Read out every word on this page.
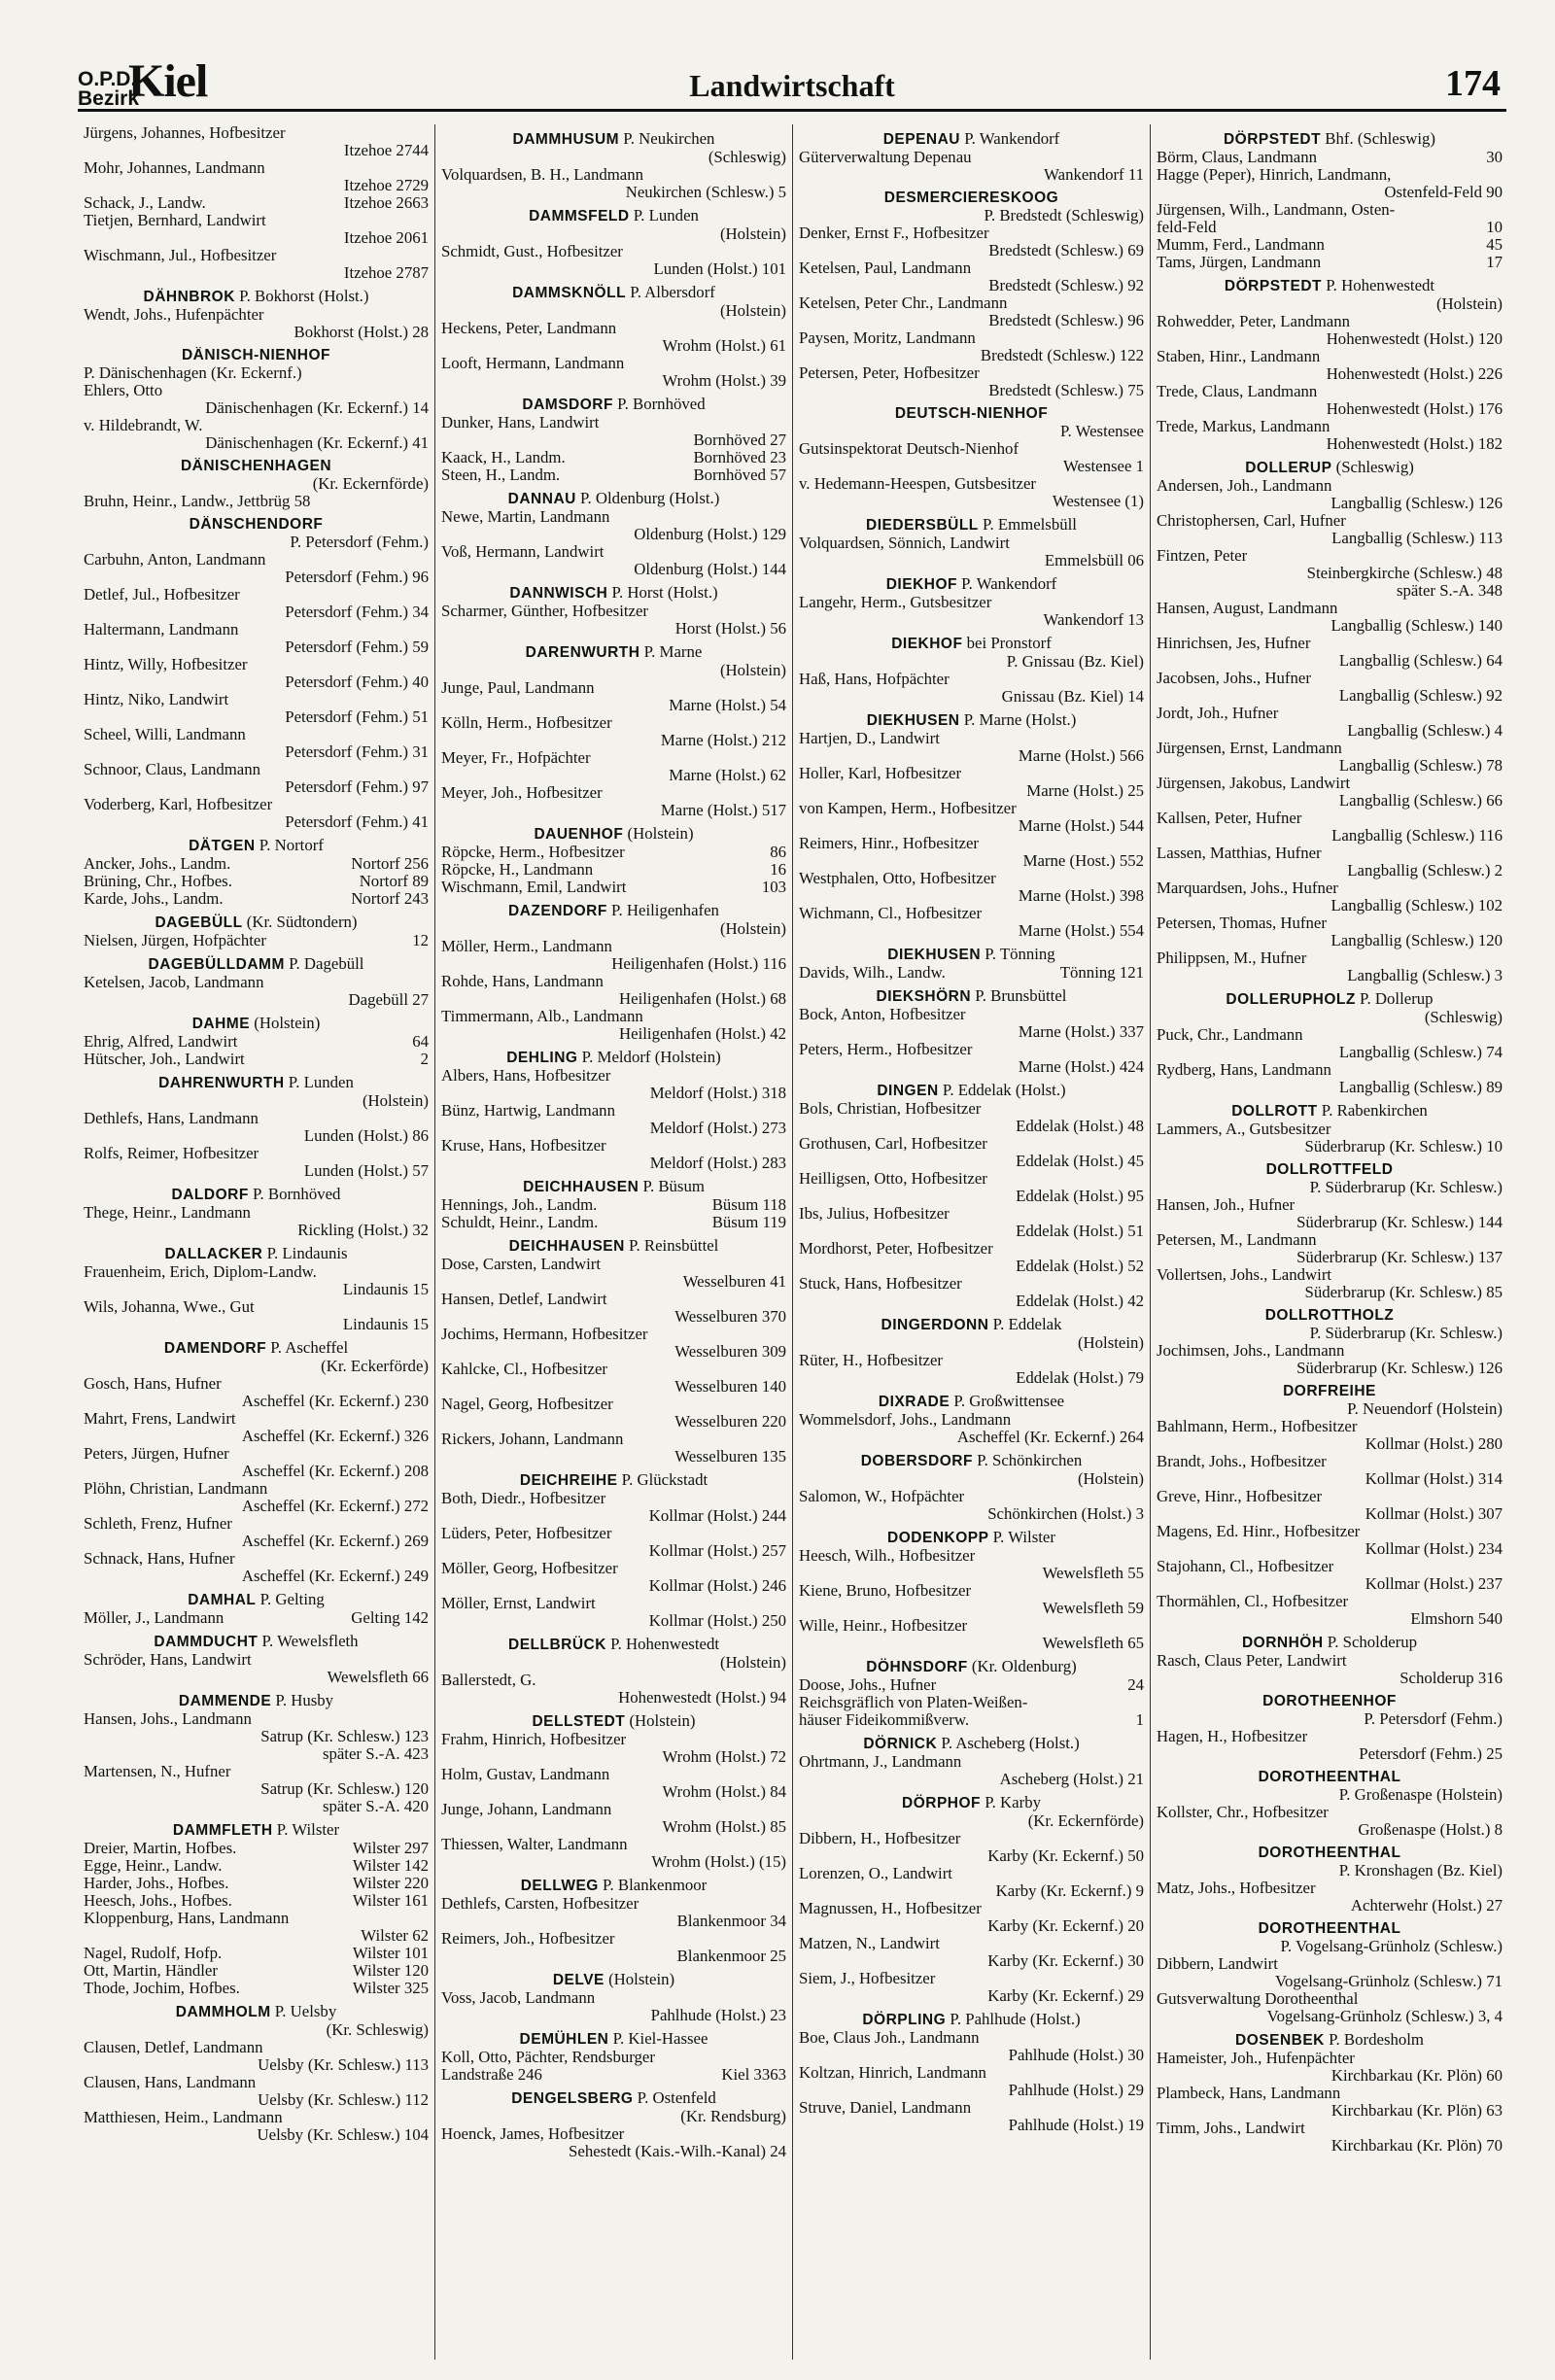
O.P.D.
Bezirk
Kiel	Landwirtschaft	174
Jürgens, Johannes, Hofbesitzer
Itzehoe 2744
Mohr, Johannes, Landmann
Itzehoe 2729
Itzehoe 2663
Schack, J., Landw.
Tietjen, Bernhard, Landwirt
Itzehoe 2061
Wischmann, Jul., Hofbesitzer
Itzehoe 2787
DÄHNBROK P. Bokhorst (Holst.)
Wendt, Johs., Hufenpächter
Bokhorst (Holst.) 28
DÄNISCH-NIENHOF
P. Dänischenhagen (Kr. Eckernf.)
Ehlers, Otto
Dänischenhagen (Kr. Eckernf.) 14
v. Hildebrandt, W.
Dänischenhagen (Kr. Eckernf.) 41
DÄNISCHENHAGEN
(Kr. Eckernförde)
Bruhn, Heinr., Landw., Jettbrüg 58
DÄNSCHENDORF
P. Petersdorf (Fehm.)
Carbuhn, Anton, Landmann
Petersdorf (Fehm.) 96
Detlef, Jul., Hofbesitzer
Petersdorf (Fehm.) 34
Haltermann, Landmann
Petersdorf (Fehm.) 59
Hintz, Willy, Hofbesitzer
Petersdorf (Fehm.) 40
Hintz, Niko, Landwirt
Petersdorf (Fehm.) 51
Scheel, Willi, Landmann
Petersdorf (Fehm.) 31
Schnoor, Claus, Landmann
Petersdorf (Fehm.) 97
Voderberg, Karl, Hofbesitzer
Petersdorf (Fehm.) 41
DÄTGEN P. Nortorf
Nortorf 256
Ancker, Johs., Landm.
Nortorf 89
Brüning, Chr., Hofbes.
Nortorf 243
Karde, Johs., Landm.
DAGEBÜLL (Kr. Südtondern)
12
Nielsen, Jürgen, Hofpächter
DAGEBÜLLDAMM P. Dagebüll
Ketelsen, Jacob, Landmann
Dagebüll 27
DAHME (Holstein)
64
Ehrig, Alfred, Landwirt
2
Hütscher, Joh., Landwirt
DAHRENWURTH P. Lunden
(Holstein)
Dethlefs, Hans, Landmann
Lunden (Holst.) 86
Rolfs, Reimer, Hofbesitzer
Lunden (Holst.) 57
DALDORF P. Bornhöved
Thege, Heinr., Landmann
Rickling (Holst.) 32
DALLACKER P. Lindaunis
Frauenheim, Erich, Diplom-Landw.
Lindaunis 15
Wils, Johanna, Wwe., Gut
Lindaunis 15
DAMENDORF P. Ascheffel
(Kr. Eckerförde)
Gosch, Hans, Hufner
Ascheffel (Kr. Eckernf.) 230
Mahrt, Frens, Landwirt
Ascheffel (Kr. Eckernf.) 326
Peters, Jürgen, Hufner
Ascheffel (Kr. Eckernf.) 208
Plöhn, Christian, Landmann
Ascheffel (Kr. Eckernf.) 272
Schleth, Frenz, Hufner
Ascheffel (Kr. Eckernf.) 269
Schnack, Hans, Hufner
Ascheffel (Kr. Eckernf.) 249
DAMHAL P. Gelting
Gelting 142
Möller, J., Landmann
DAMMDUCHT P. Wewelsfleth
Schröder, Hans, Landwirt
Wewelsfleth 66
DAMMENDE P. Husby
Hansen, Johs., Landmann
Satrup (Kr. Schlesw.) 123
später S.-A. 423
Martensen, N., Hufner
Satrup (Kr. Schlesw.) 120
später S.-A. 420
DAMMFLETH P. Wilster
Wilster 297
Dreier, Martin, Hofbes.
Wilster 142
Egge, Heinr., Landw.
Wilster 220
Harder, Johs., Hofbes.
Wilster 161
Heesch, Johs., Hofbes.
Kloppenburg, Hans, Landmann
Wilster 62
Wilster 101
Nagel, Rudolf, Hofp.
Wilster 120
Ott, Martin, Händler
Wilster 325
Thode, Jochim, Hofbes.
DAMMHOLM P. Uelsby
(Kr. Schleswig)
Clausen, Detlef, Landmann
Uelsby (Kr. Schlesw.) 113
Clausen, Hans, Landmann
Uelsby (Kr. Schlesw.) 112
Matthiesen, Heim., Landmann
Uelsby (Kr. Schlesw.) 104
DAMMHUSUM P. Neukirchen
(Schleswig)
Volquardsen, B. H., Landmann
Neukirchen (Schlesw.) 5
DAMMSFELD P. Lunden
(Holstein)
Schmidt, Gust., Hofbesitzer
Lunden (Holst.) 101
DAMMSKNÖLL P. Albersdorf
(Holstein)
Heckens, Peter, Landmann
Wrohm (Holst.) 61
Looft, Hermann, Landmann
Wrohm (Holst.) 39
DAMSDORF P. Bornhöved
Dunker, Hans, Landwirt
Bornhöved 27
Bornhöved 23
Kaack, H., Landm.
Bornhöved 57
Steen, H., Landm.
DANNAU P. Oldenburg (Holst.)
Newe, Martin, Landmann
Oldenburg (Holst.) 129
Voß, Hermann, Landwirt
Oldenburg (Holst.) 144
DANNWISCH P. Horst (Holst.)
Scharmer, Günther, Hofbesitzer
Horst (Holst.) 56
DARENWURTH P. Marne
(Holstein)
Junge, Paul, Landmann
Marne (Holst.) 54
Kölln, Herm., Hofbesitzer
Marne (Holst.) 212
Meyer, Fr., Hofpächter
Marne (Holst.) 62
Meyer, Joh., Hofbesitzer
Marne (Holst.) 517
DAUENHOF (Holstein)
86
Röpcke, Herm., Hofbesitzer
16
Röpcke, H., Landmann
103
Wischmann, Emil, Landwirt
DAZENDORF P. Heiligenhafen
(Holstein)
Möller, Herm., Landmann
Heiligenhafen (Holst.) 116
Rohde, Hans, Landmann
Heiligenhafen (Holst.) 68
Timmermann, Alb., Landmann
Heiligenhafen (Holst.) 42
DEHLING P. Meldorf (Holstein)
Albers, Hans, Hofbesitzer
Meldorf (Holst.) 318
Bünz, Hartwig, Landmann
Meldorf (Holst.) 273
Kruse, Hans, Hofbesitzer
Meldorf (Holst.) 283
DEICHHAUSEN P. Büsum
Büsum 118
Hennings, Joh., Landm.
Büsum 119
Schuldt, Heinr., Landm.
DEICHHAUSEN P. Reinsbüttel
Dose, Carsten, Landwirt
Wesselburen 41
Hansen, Detlef, Landwirt
Wesselburen 370
Jochims, Hermann, Hofbesitzer
Wesselburen 309
Kahlcke, Cl., Hofbesitzer
Wesselburen 140
Nagel, Georg, Hofbesitzer
Wesselburen 220
Rickers, Johann, Landmann
Wesselburen 135
DEICHREIHE P. Glückstadt
Both, Diedr., Hofbesitzer
Kollmar (Holst.) 244
Lüders, Peter, Hofbesitzer
Kollmar (Holst.) 257
Möller, Georg, Hofbesitzer
Kollmar (Holst.) 246
Möller, Ernst, Landwirt
Kollmar (Holst.) 250
DELLBRÜCK P. Hohenwestedt
(Holstein)
Ballerstedt, G.
Hohenwestedt (Holst.) 94
DELLSTEDT (Holstein)
Frahm, Hinrich, Hofbesitzer
Wrohm (Holst.) 72
Holm, Gustav, Landmann
Wrohm (Holst.) 84
Junge, Johann, Landmann
Wrohm (Holst.) 85
Thiessen, Walter, Landmann
Wrohm (Holst.) (15)
DELLWEG P. Blankenmoor
Dethlefs, Carsten, Hofbesitzer
Blankenmoor 34
Reimers, Joh., Hofbesitzer
Blankenmoor 25
DELVE (Holstein)
Voss, Jacob, Landmann
Pahlhude (Holst.) 23
DEMÜHLEN P. Kiel-Hassee
Koll, Otto, Pächter, Rendsburger
Kiel 3363
Landstraße 246
DENGELSBERG P. Ostenfeld
(Kr. Rendsburg)
Hoenck, James, Hofbesitzer
Sehestedt (Kais.-Wilh.-Kanal) 24
DEPENAU P. Wankendorf
Güterverwaltung Depenau
Wankendorf 11
DESMERCIERESKOOG
P. Bredstedt (Schleswig)
Denker, Ernst F., Hofbesitzer
Bredstedt (Schlesw.) 69
Ketelsen, Paul, Landmann
Bredstedt (Schlesw.) 92
Ketelsen, Peter Chr., Landmann
Bredstedt (Schlesw.) 96
Paysen, Moritz, Landmann
Bredstedt (Schlesw.) 122
Petersen, Peter, Hofbesitzer
Bredstedt (Schlesw.) 75
DEUTSCH-NIENHOF
P. Westensee
Gutsinspektorat Deutsch-Nienhof
Westensee 1
v. Hedemann-Heespen, Gutsbesitzer
Westensee (1)
DIEDERSBÜLL P. Emmelsbüll
Volquardsen, Sönnich, Landwirt
Emmelsbüll 06
DIEKHOF P. Wankendorf
Langehr, Herm., Gutsbesitzer
Wankendorf 13
DIEKHOF bei Pronstorf
P. Gnissau (Bz. Kiel)
Haß, Hans, Hofpächter
Gnissau (Bz. Kiel) 14
DIEKHUSEN P. Marne (Holst.)
Hartjen, D., Landwirt
Marne (Holst.) 566
Holler, Karl, Hofbesitzer
Marne (Holst.) 25
von Kampen, Herm., Hofbesitzer
Marne (Holst.) 544
Reimers, Hinr., Hofbesitzer
Marne (Host.) 552
Westphalen, Otto, Hofbesitzer
Marne (Holst.) 398
Wichmann, Cl., Hofbesitzer
Marne (Holst.) 554
DIEKHUSEN P. Tönning
Tönning 121
Davids, Wilh., Landw.
DIEKSHÖRN P. Brunsbüttel
Bock, Anton, Hofbesitzer
Marne (Holst.) 337
Peters, Herm., Hofbesitzer
Marne (Holst.) 424
DINGEN P. Eddelak (Holst.)
Bols, Christian, Hofbesitzer
Eddelak (Holst.) 48
Grothusen, Carl, Hofbesitzer
Eddelak (Holst.) 45
Heilligsen, Otto, Hofbesitzer
Eddelak (Holst.) 95
Ibs, Julius, Hofbesitzer
Eddelak (Holst.) 51
Mordhorst, Peter, Hofbesitzer
Eddelak (Holst.) 52
Stuck, Hans, Hofbesitzer
Eddelak (Holst.) 42
DINGERDONN P. Eddelak
(Holstein)
Rüter, H., Hofbesitzer
Eddelak (Holst.) 79
DIXRADE P. Großwittensee
Wommelsdorf, Johs., Landmann
Ascheffel (Kr. Eckernf.) 264
DOBERSDORF P. Schönkirchen
(Holstein)
Salomon, W., Hofpächter
Schönkirchen (Holst.) 3
DODENKOPP P. Wilster
Heesch, Wilh., Hofbesitzer
Wewelsfleth 55
Kiene, Bruno, Hofbesitzer
Wewelsfleth 59
Wille, Heinr., Hofbesitzer
Wewelsfleth 65
DÖHNSDORF (Kr. Oldenburg)
24
Doose, Johs., Hufner
Reichsgräflich von Platen-Weißen-
1
häuser Fideikommißverw.
DÖRNICK P. Ascheberg (Holst.)
Ohrtmann, J., Landmann
Ascheberg (Holst.) 21
DÖRPHOF P. Karby
(Kr. Eckernförde)
Dibbern, H., Hofbesitzer
Karby (Kr. Eckernf.) 50
Lorenzen, O., Landwirt
Karby (Kr. Eckernf.) 9
Magnussen, H., Hofbesitzer
Karby (Kr. Eckernf.) 20
Matzen, N., Landwirt
Karby (Kr. Eckernf.) 30
Siem, J., Hofbesitzer
Karby (Kr. Eckernf.) 29
DÖRPLING P. Pahlhude (Holst.)
Boe, Claus Joh., Landmann
Pahlhude (Holst.) 30
Koltzan, Hinrich, Landmann
Pahlhude (Holst.) 29
Struve, Daniel, Landmann
Pahlhude (Holst.) 19
DÖRPSTEDT Bhf. (Schleswig)
30
Börm, Claus, Landmann
Hagge (Peper), Hinrich, Landmann,
Ostenfeld-Feld 90
Jürgensen, Wilh., Landmann, Osten-
10
feld-Feld
45
Mumm, Ferd., Landmann
17
Tams, Jürgen, Landmann
DÖRPSTEDT P. Hohenwestedt
(Holstein)
Rohwedder, Peter, Landmann
Hohenwestedt (Holst.) 120
Staben, Hinr., Landmann
Hohenwestedt (Holst.) 226
Trede, Claus, Landmann
Hohenwestedt (Holst.) 176
Trede, Markus, Landmann
Hohenwestedt (Holst.) 182
DOLLERUP (Schleswig)
Andersen, Joh., Landmann
Langballig (Schlesw.) 126
Christophersen, Carl, Hufner
Langballig (Schlesw.) 113
Fintzen, Peter
Steinbergkirche (Schlesw.) 48
später S.-A. 348
Hansen, August, Landmann
Langballig (Schlesw.) 140
Hinrichsen, Jes, Hufner
Langballig (Schlesw.) 64
Jacobsen, Johs., Hufner
Langballig (Schlesw.) 92
Jordt, Joh., Hufner
Langballig (Schlesw.) 4
Jürgensen, Ernst, Landmann
Langballig (Schlesw.) 78
Jürgensen, Jakobus, Landwirt
Langballig (Schlesw.) 66
Kallsen, Peter, Hufner
Langballig (Schlesw.) 116
Lassen, Matthias, Hufner
Langballig (Schlesw.) 2
Marquardsen, Johs., Hufner
Langballig (Schlesw.) 102
Petersen, Thomas, Hufner
Langballig (Schlesw.) 120
Philippsen, M., Hufner
Langballig (Schlesw.) 3
DOLLERUPHOLZ P. Dollerup
(Schleswig)
Puck, Chr., Landmann
Langballig (Schlesw.) 74
Rydberg, Hans, Landmann
Langballig (Schlesw.) 89
DOLLROTT P. Rabenkirchen
Lammers, A., Gutsbesitzer
Süderbrarup (Kr. Schlesw.) 10
DOLLROTTFELD
P. Süderbrarup (Kr. Schlesw.)
Hansen, Joh., Hufner
Süderbrarup (Kr. Schlesw.) 144
Petersen, M., Landmann
Süderbrarup (Kr. Schlesw.) 137
Vollertsen, Johs., Landwirt
Süderbrarup (Kr. Schlesw.) 85
DOLLROTTHOLZ
P. Süderbrarup (Kr. Schlesw.)
Jochimsen, Johs., Landmann
Süderbrarup (Kr. Schlesw.) 126
DORFREIHE
P. Neuendorf (Holstein)
Bahlmann, Herm., Hofbesitzer
Kollmar (Holst.) 280
Brandt, Johs., Hofbesitzer
Kollmar (Holst.) 314
Greve, Hinr., Hofbesitzer
Kollmar (Holst.) 307
Magens, Ed. Hinr., Hofbesitzer
Kollmar (Holst.) 234
Stajohann, Cl., Hofbesitzer
Kollmar (Holst.) 237
Thormählen, Cl., Hofbesitzer
Elmshorn 540
DORNHÖH P. Scholderup
Rasch, Claus Peter, Landwirt
Scholderup 316
DOROTHEENHOF
P. Petersdorf (Fehm.)
Hagen, H., Hofbesitzer
Petersdorf (Fehm.) 25
DOROTHEENTHAL
P. Großenaspe (Holstein)
Kollster, Chr., Hofbesitzer
Großenaspe (Holst.) 8
DOROTHEENTHAL
P. Kronshagen (Bz. Kiel)
Matz, Johs., Hofbesitzer
Achterwehr (Holst.) 27
DOROTHEENTHAL
P. Vogelsang-Grünholz (Schlesw.)
Dibbern, Landwirt
Vogelsang-Grünholz (Schlesw.) 71
Gutsverwaltung Dorotheenthal
Vogelsang-Grünholz (Schlesw.) 3, 4
DOSENBEK P. Bordesholm
Hameister, Joh., Hufenpächter
Kirchbarkau (Kr. Plön) 60
Plambeck, Hans, Landmann
Kirchbarkau (Kr. Plön) 63
Timm, Johs., Landwirt
Kirchbarkau (Kr. Plön) 70
